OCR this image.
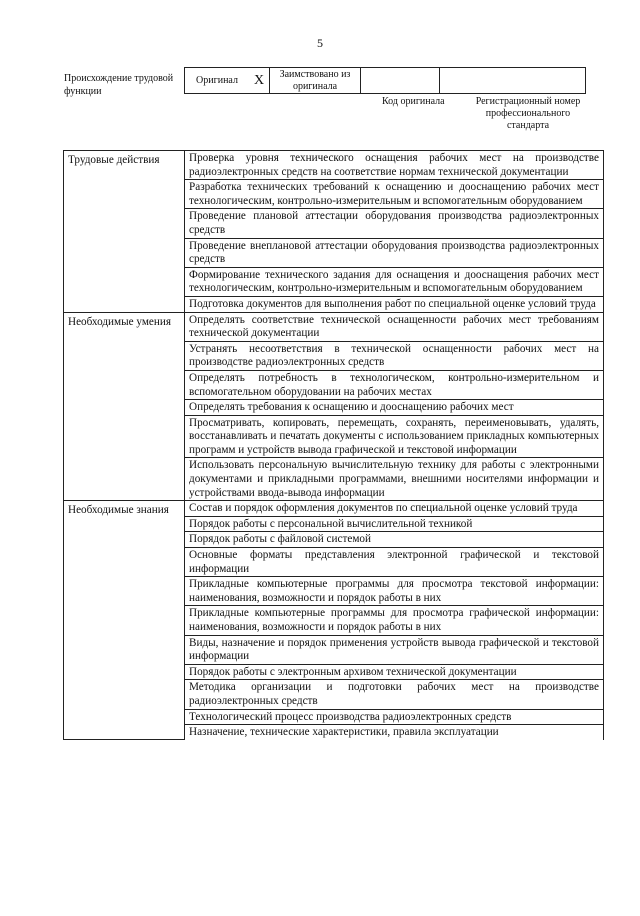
5
Происхождение трудовой функции
Оригинал	X	Заимствовано из оригинала		
Код оригинала	Регистрационный номер профессионального стандарта
Трудовые действия	Проверка уровня технического оснащения рабочих мест на производстве радиоэлектронных средств на соответствие нормам технической документации
	Разработка технических требований к оснащению и дооснащению рабочих мест технологическим, контрольно-измерительным и вспомогательным оборудованием
	Проведение плановой аттестации оборудования производства радиоэлектронных средств
	Проведение внеплановой аттестации оборудования производства радиоэлектронных средств
	Формирование технического задания для оснащения и дооснащения рабочих мест технологическим, контрольно-измерительным и вспомогательным оборудованием
	Подготовка документов для выполнения работ по специальной оценке условий труда
Необходимые умения	Определять соответствие технической оснащенности рабочих мест требованиям технической документации
	Устранять несоответствия в технической оснащенности рабочих мест на производстве радиоэлектронных средств
	Определять потребность в технологическом, контрольно-измерительном и вспомогательном оборудовании на рабочих местах
	Определять требования к оснащению и дооснащению рабочих мест
	Просматривать, копировать, перемещать, сохранять, переименовывать, удалять, восстанавливать и печатать документы с использованием прикладных компьютерных программ и устройств вывода графической и текстовой информации
	Использовать персональную вычислительную технику для работы с электронными документами и прикладными программами, внешними носителями информации и устройствами ввода-вывода информации
Необходимые знания	Состав и порядок оформления документов по специальной оценке условий труда
	Порядок работы с персональной вычислительной техникой
	Порядок работы с файловой системой
	Основные форматы представления электронной графической и текстовой информации
	Прикладные компьютерные программы для просмотра текстовой информации: наименования, возможности и порядок работы в них
	Прикладные компьютерные программы для просмотра графической информации: наименования, возможности и порядок работы в них
	Виды, назначение и порядок применения устройств вывода графической и текстовой информации
	Порядок работы с электронным архивом технической документации
	Методика организации и подготовки рабочих мест на производстве радиоэлектронных средств
	Технологический процесс производства радиоэлектронных средств
	Назначение, технические характеристики, правила эксплуатации
